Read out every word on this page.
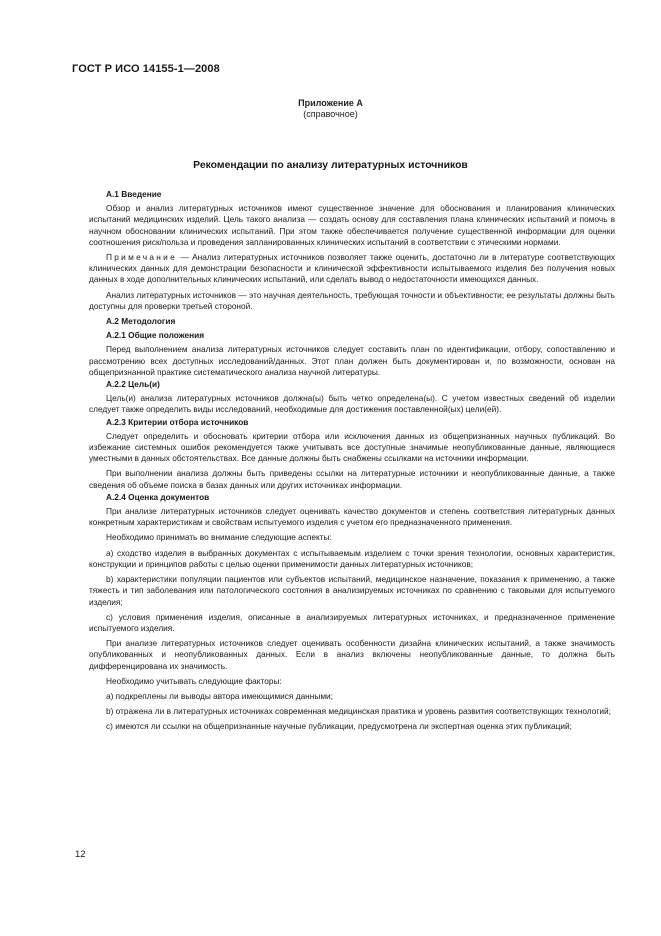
ГОСТ Р ИСО 14155-1—2008
Приложение А
(справочное)
Рекомендации по анализу литературных источников
А.1 Введение
Обзор и анализ литературных источников имеют существенное значение для обоснования и планирования клинических испытаний медицинских изделий. Цель такого анализа — создать основу для составления плана клинических испытаний и помочь в научном обосновании клинических испытаний. При этом также обеспечивается получение существенной информации для оценки соотношения риск/польза и проведения запланированных клинических испытаний в соответствии с этическими нормами.
Примечание — Анализ литературных источников позволяет также оценить, достаточно ли в литературе соответствующих клинических данных для демонстрации безопасности и клинической эффективности испытываемого изделия без получения новых данных в ходе дополнительных клинических испытаний, или сделать вывод о недостаточности имеющихся данных.
Анализ литературных источников — это научная деятельность, требующая точности и объективности; ее результаты должны быть доступны для проверки третьей стороной.
А.2 Методология
А.2.1 Общие положения
Перед выполнением анализа литературных источников следует составить план по идентификации, отбору, сопоставлению и рассмотрению всех доступных исследований/данных. Этот план должен быть документирован и, по возможности, основан на общепризнанной практике систематического анализа научной литературы.
А.2.2 Цель(и)
Цель(и) анализа литературных источников должна(ы) быть четко определена(ы). С учетом известных сведений об изделии следует также определить виды исследований, необходимые для достижения поставленной(ых) цели(ей).
А.2.3 Критерии отбора источников
Следует определить и обосновать критерии отбора или исключения данных из общепризнанных научных публикаций. Во избежание системных ошибок рекомендуется также учитывать все доступные значимые неопубликованные данные, являющиеся уместными в данных обстоятельствах. Все данные должны быть снабжены ссылками на источники информации.
При выполнении анализа должны быть приведены ссылки на литературные источники и неопубликованные данные, а также сведения об объеме поиска в базах данных или других источниках информации.
А.2.4 Оценка документов
При анализе литературных источников следует оценивать качество документов и степень соответствия литературных данных конкретным характеристикам и свойствам испытуемого изделия с учетом его предназначенного применения.
Необходимо принимать во внимание следующие аспекты:
а) сходство изделия в выбранных документах с испытываемым изделием с точки зрения технологии, основных характеристик, конструкции и принципов работы с целью оценки применимости данных литературных источников;
b) характеристики популяции пациентов или субъектов испытаний, медицинское назначение, показания к применению, а также тяжесть и тип заболевания или патологического состояния в анализируемых источниках по сравнению с таковыми для испытуемого изделия;
c) условия применения изделия, описанные в анализируемых литературных источниках, и предназначенное применение испытуемого изделия.
При анализе литературных источников следует оценивать особенности дизайна клинических испытаний, а также значимость опубликованных и неопубликованных данных. Если в анализ включены неопубликованные данные, то должна быть дифференцирована их значимость.
Необходимо учитывать следующие факторы:
а) подкреплены ли выводы автора имеющимися данными;
b) отражена ли в литературных источниках современная медицинская практика и уровень развития соответствующих технологий;
c) имеются ли ссылки на общепризнанные научные публикации, предусмотрена ли экспертная оценка этих публикаций;
12
